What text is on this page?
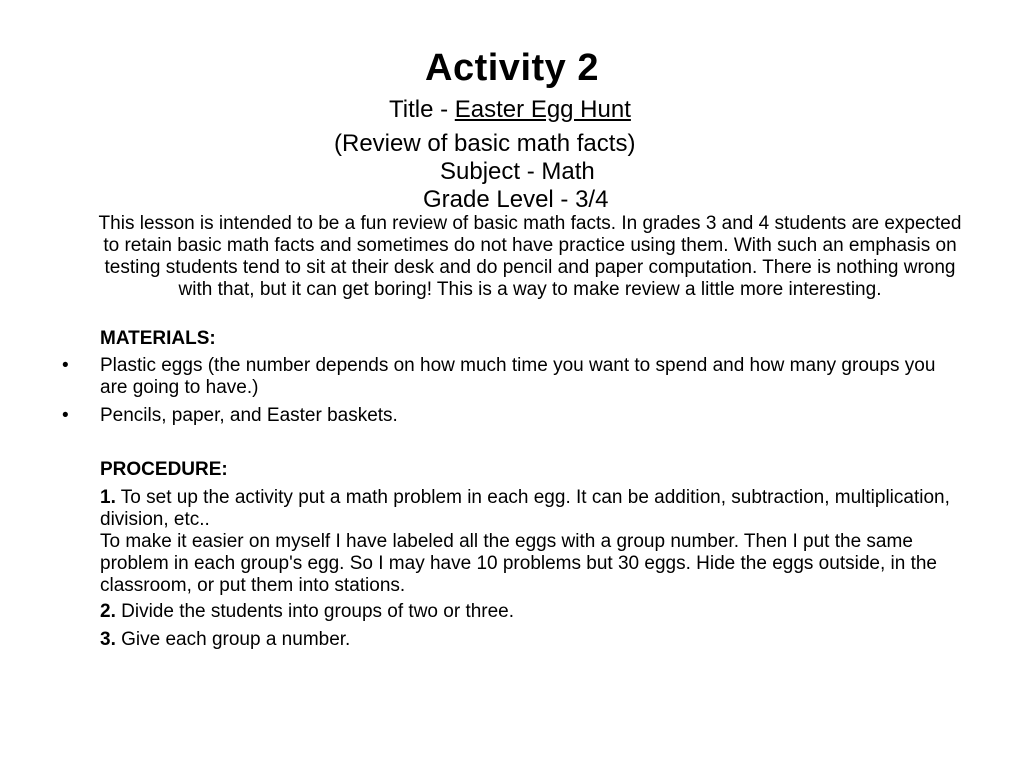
Activity 2
Title - Easter Egg Hunt
(Review of basic math facts)
Subject - Math
Grade Level - 3/4
This lesson is intended to be a fun review of basic math facts. In grades 3 and 4 students are expected to retain basic math facts and sometimes do not have practice using them. With such an emphasis on testing students tend to sit at their desk and do pencil and paper computation. There is nothing wrong with that, but it can get boring! This is a way to make review a little more interesting.
MATERIALS:
• Plastic eggs (the number depends on how much time you want to spend and how many groups you are going to have.)
• Pencils, paper, and Easter baskets.
PROCEDURE:
1. To set up the activity put a math problem in each egg. It can be addition, subtraction, multiplication, division, etc..
To make it easier on myself I have labeled all the eggs with a group number. Then I put the same problem in each group's egg. So I may have 10 problems but 30 eggs. Hide the eggs outside, in the classroom, or put them into stations.
2. Divide the students into groups of two or three.
3. Give each group a number.
